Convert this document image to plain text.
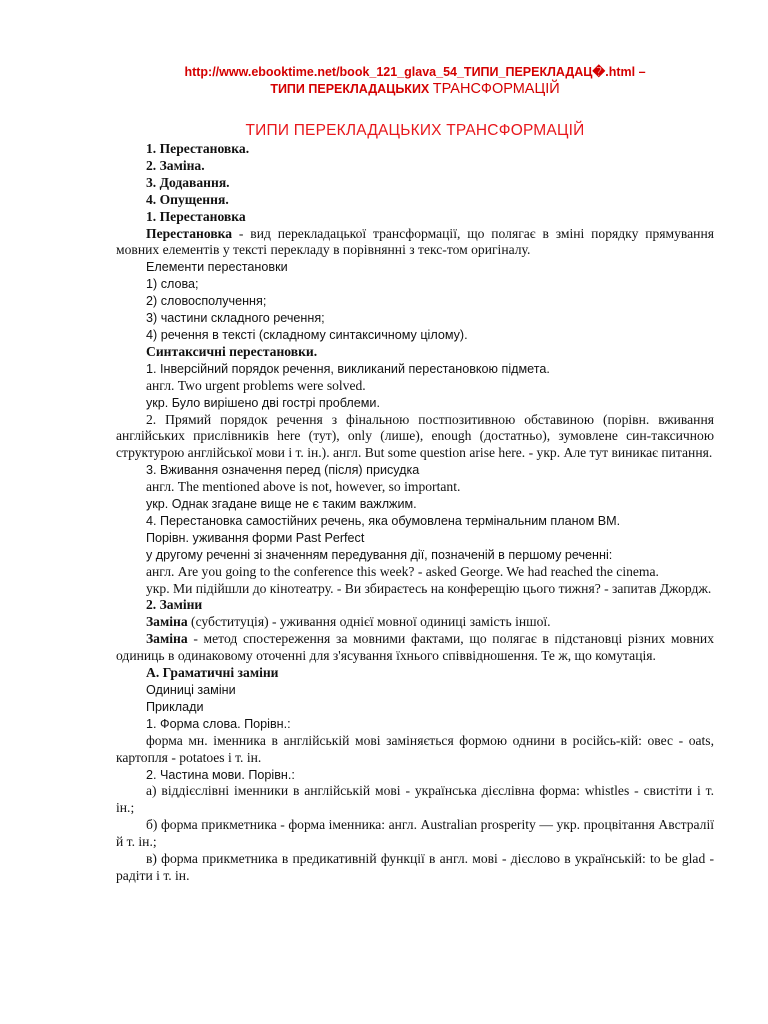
http://www.ebooktime.net/book_121_glava_54_ТИПИ_ПЕРЕКЛАДАЦ�.html –
ТИПИ ПЕРЕКЛАДАЦЬКИХ ТРАНСФОРМАЦІЙ
ТИПИ ПЕРЕКЛАДАЦЬКИХ ТРАНСФОРМАЦІЙ
1. Перестановка.
2. Заміна.
3. Додавання.
4. Опущення.
1. Перестановка
Перестановка - вид перекладацької трансформації, що полягає в зміні порядку прямування мовних елементів у тексті перекладу в порівнянні з текс-том оригіналу.
Елементи перестановки
1) слова;
2) словосполучення;
3) частини складного речення;
4) речення в тексті (складному синтаксичному цілому).
Синтаксичні перестановки.
1. Інверсійний порядок речення, викликаний перестановкою підмета.
англ. Two urgent problems were solved.
укр. Було вирішено дві гострі проблеми.
2. Прямий порядок речення з фінальною постпозитивною обставиною (порівн. вживання англійських прислівників here (тут), only (лише), enough (достатньо), зумовлене син-таксичною структурою англійської мови і т. ін.). англ. But some question arise here. - укр. Але тут виникає питання.
3. Вживання означення перед (після) присудка
англ. The mentioned above is not, however, so important.
укр. Однак згадане вище не є таким важлжим.
4. Перестановка самостійних речень, яка обумовлена термінальним планом ВМ.
Порівн. уживання форми Past Perfect
у другому реченні зі значенням передування дії, позначеній в першому реченні:
англ. Are you going to the conference this week? - asked George. We had reached the cinema.
укр. Ми підійшли до кінотеатру. - Ви збираєтесь на конферещію цього тижня? - запитав Джордж.
2. Заміни
Заміна (субституція) - уживання однієї мовної одиниці замість іншої.
Заміна - метод спостереження за мовними фактами, що полягає в підстановці різних мовних одиниць в одинаковому оточенні для з'ясування їхнього співвідношення. Те ж, що комутація.
А. Граматичні заміни
Одиниці заміни
Приклади
1. Форма слова. Порівн.:
форма мн. іменника в англійській мові заміняється формою однини в російсь-кій: овес - oats, картопля - potatoes і т. ін.
2. Частина мови. Порівн.:
а) віддієслівні іменники в англійській мові - українська дієслівна форма: whistles - свистіти і т. ін.;
б) форма прикметника - форма іменника: англ. Australian prosperity — укр. процвітання Австралії й т. ін.;
в) форма прикметника в предикативній функції в англ. мові - дієслово в українській: to be glad - радіти і т. ін.
